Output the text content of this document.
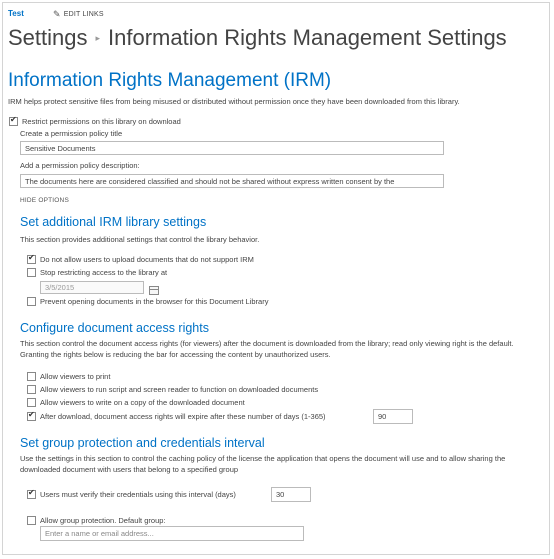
Test	✎ EDIT LINKS
Settings ▸ Information Rights Management Settings
Information Rights Management (IRM)
IRM helps protect sensitive files from being misused or distributed without permission once they have been downloaded from this library.
✔
Restrict permissions on this library on download
Create a permission policy title
Sensitive Documents
Add a permission policy description:
The documents here are considered classified and should not be shared without express written consent by the
HIDE OPTIONS
Set additional IRM library settings
This section provides additional settings that control the library behavior.
✔
Do not allow users to upload documents that do not support IRM
Stop restricting access to the library at
3/5/2015
Prevent opening documents in the browser for this Document Library
Configure document access rights
This section control the document access rights (for viewers) after the document is downloaded from the library; read only viewing right is the default. Granting the rights below is reducing the bar for accessing the content by unauthorized users.
Allow viewers to print
Allow viewers to run script and screen reader to function on downloaded documents
Allow viewers to write on a copy of the downloaded document
✔
After download, document access rights will expire after these number of days (1-365)	90
Set group protection and credentials interval
Use the settings in this section to control the caching policy of the license the application that opens the document will use and to allow sharing the downloaded document with users that belong to a specified group
✔
Users must verify their credentials using this interval (days)	30
Allow group protection. Default group:
Enter a name or email address...
